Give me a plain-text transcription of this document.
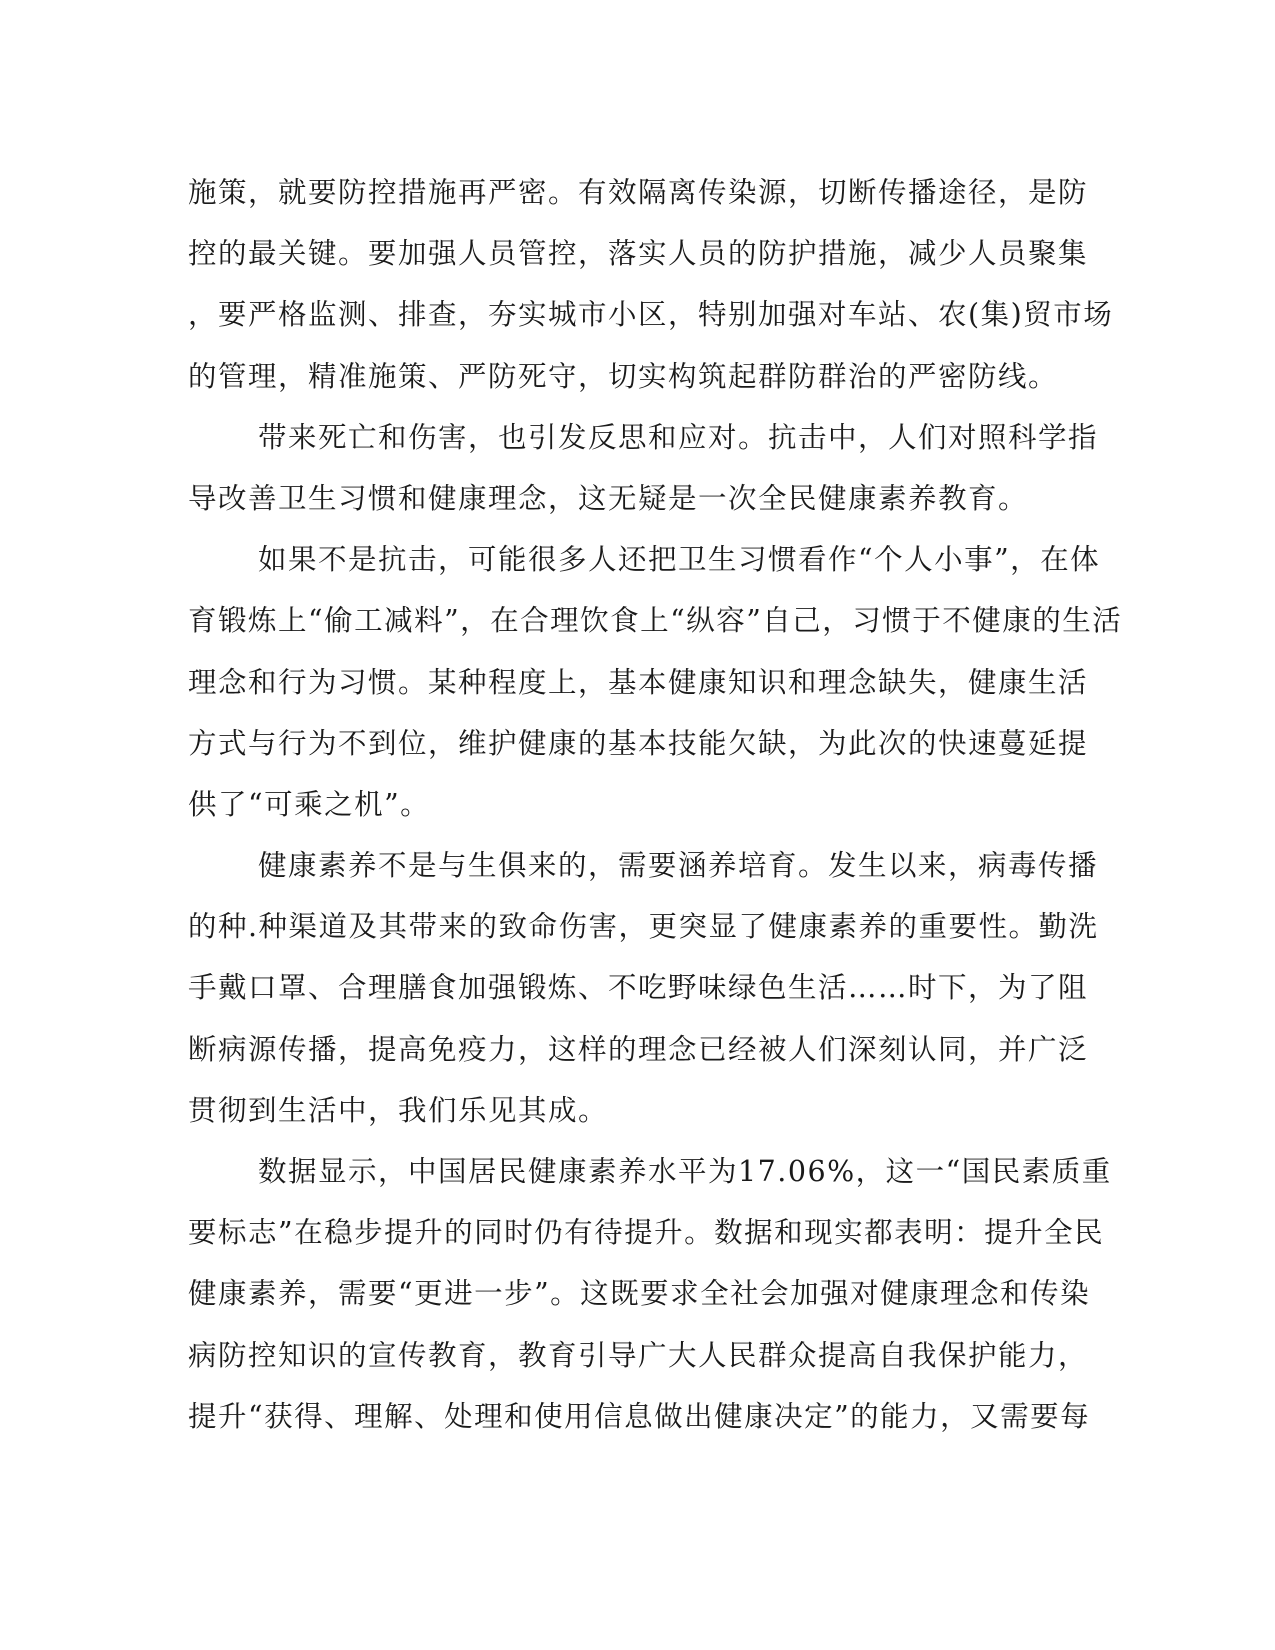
施策，就要防控措施再严密。有效隔离传染源，切断传播途径，是防
控的最关键。要加强人员管控，落实人员的防护措施，减少人员聚集
，要严格监测、排查，夯实城市小区，特别加强对车站、农(集)贸市场
的管理，精准施策、严防死守，切实构筑起群防群治的严密防线。
带来死亡和伤害，也引发反思和应对。抗击中，人们对照科学指
导改善卫生习惯和健康理念，这无疑是一次全民健康素养教育。
如果不是抗击，可能很多人还把卫生习惯看作“个人小事”，在体
育锻炼上“偷工减料”，在合理饮食上“纵容”自己，习惯于不健康的生活
理念和行为习惯。某种程度上，基本健康知识和理念缺失，健康生活
方式与行为不到位，维护健康的基本技能欠缺，为此次的快速蔓延提
供了“可乘之机”。
健康素养不是与生俱来的，需要涵养培育。发生以来，病毒传播
的种.种渠道及其带来的致命伤害，更突显了健康素养的重要性。勤洗
手戴口罩、合理膳食加强锻炼、不吃野味绿色生活……时下，为了阻
断病源传播，提高免疫力，这样的理念已经被人们深刻认同，并广泛
贯彻到生活中，我们乐见其成。
数据显示，中国居民健康素养水平为17.06%，这一“国民素质重
要标志”在稳步提升的同时仍有待提升。数据和现实都表明：提升全民
健康素养，需要“更进一步”。这既要求全社会加强对健康理念和传染
病防控知识的宣传教育，教育引导广大人民群众提高自我保护能力，
提升“获得、理解、处理和使用信息做出健康决定”的能力，又需要每
